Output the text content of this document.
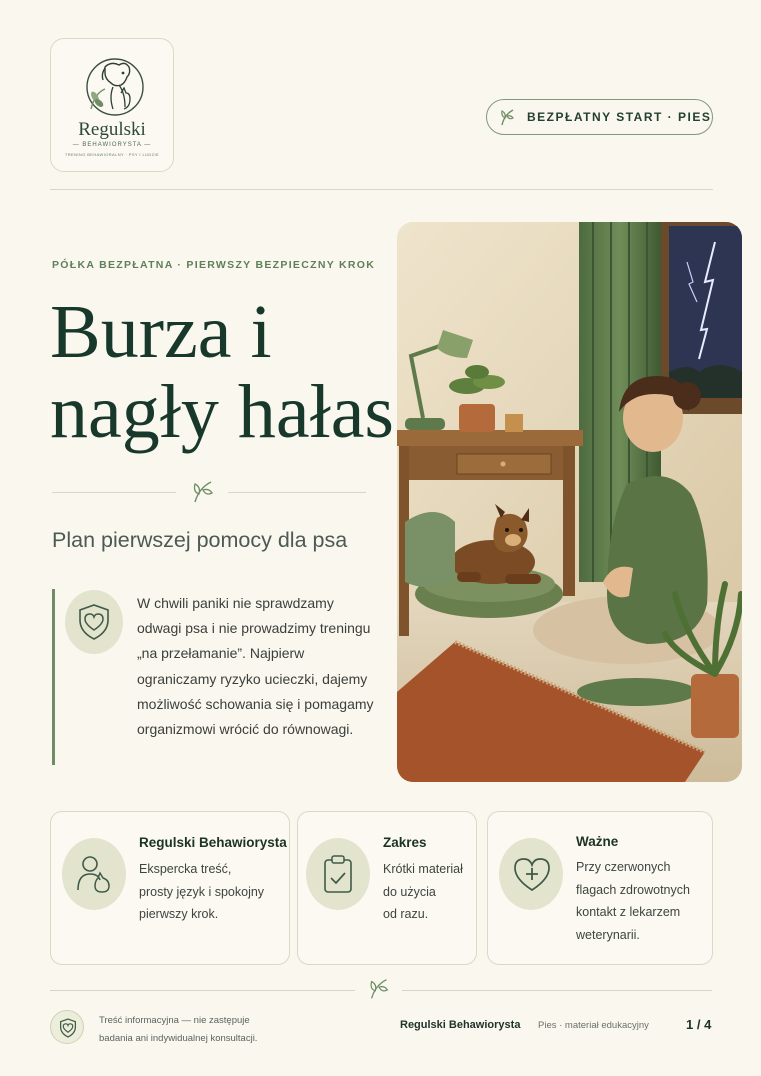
Regulski
— BEHAWIORYSTA —
TRENING BEHAWIORALNY · PSY I LUDZIE
BEZPŁATNY START · PIES
PÓŁKA BEZPŁATNA · PIERWSZY BEZPIECZNY KROK
Burza i
nagły hałas
Plan pierwszej pomocy dla psa
W chwili paniki nie sprawdzamy odwagi psa i nie prowadzimy treningu „na przełamanie”. Najpierw ograniczamy ryzyko ucieczki, dajemy możliwość schowania się i pomagamy organizmowi wrócić do równowagi.
Regulski Behawiorysta
Ekspercka treść,
prosty język i spokojny
pierwszy krok.
Zakres
Krótki materiał
do użycia
od razu.
Ważne
Przy czerwonych
flagach zdrowotnych
kontakt z lekarzem
weterynarii.
Treść informacyjna — nie zastępuje
badania ani indywidualnej konsultacji.
Regulski Behawiorysta Pies · materiał edukacyjny	1 / 4
